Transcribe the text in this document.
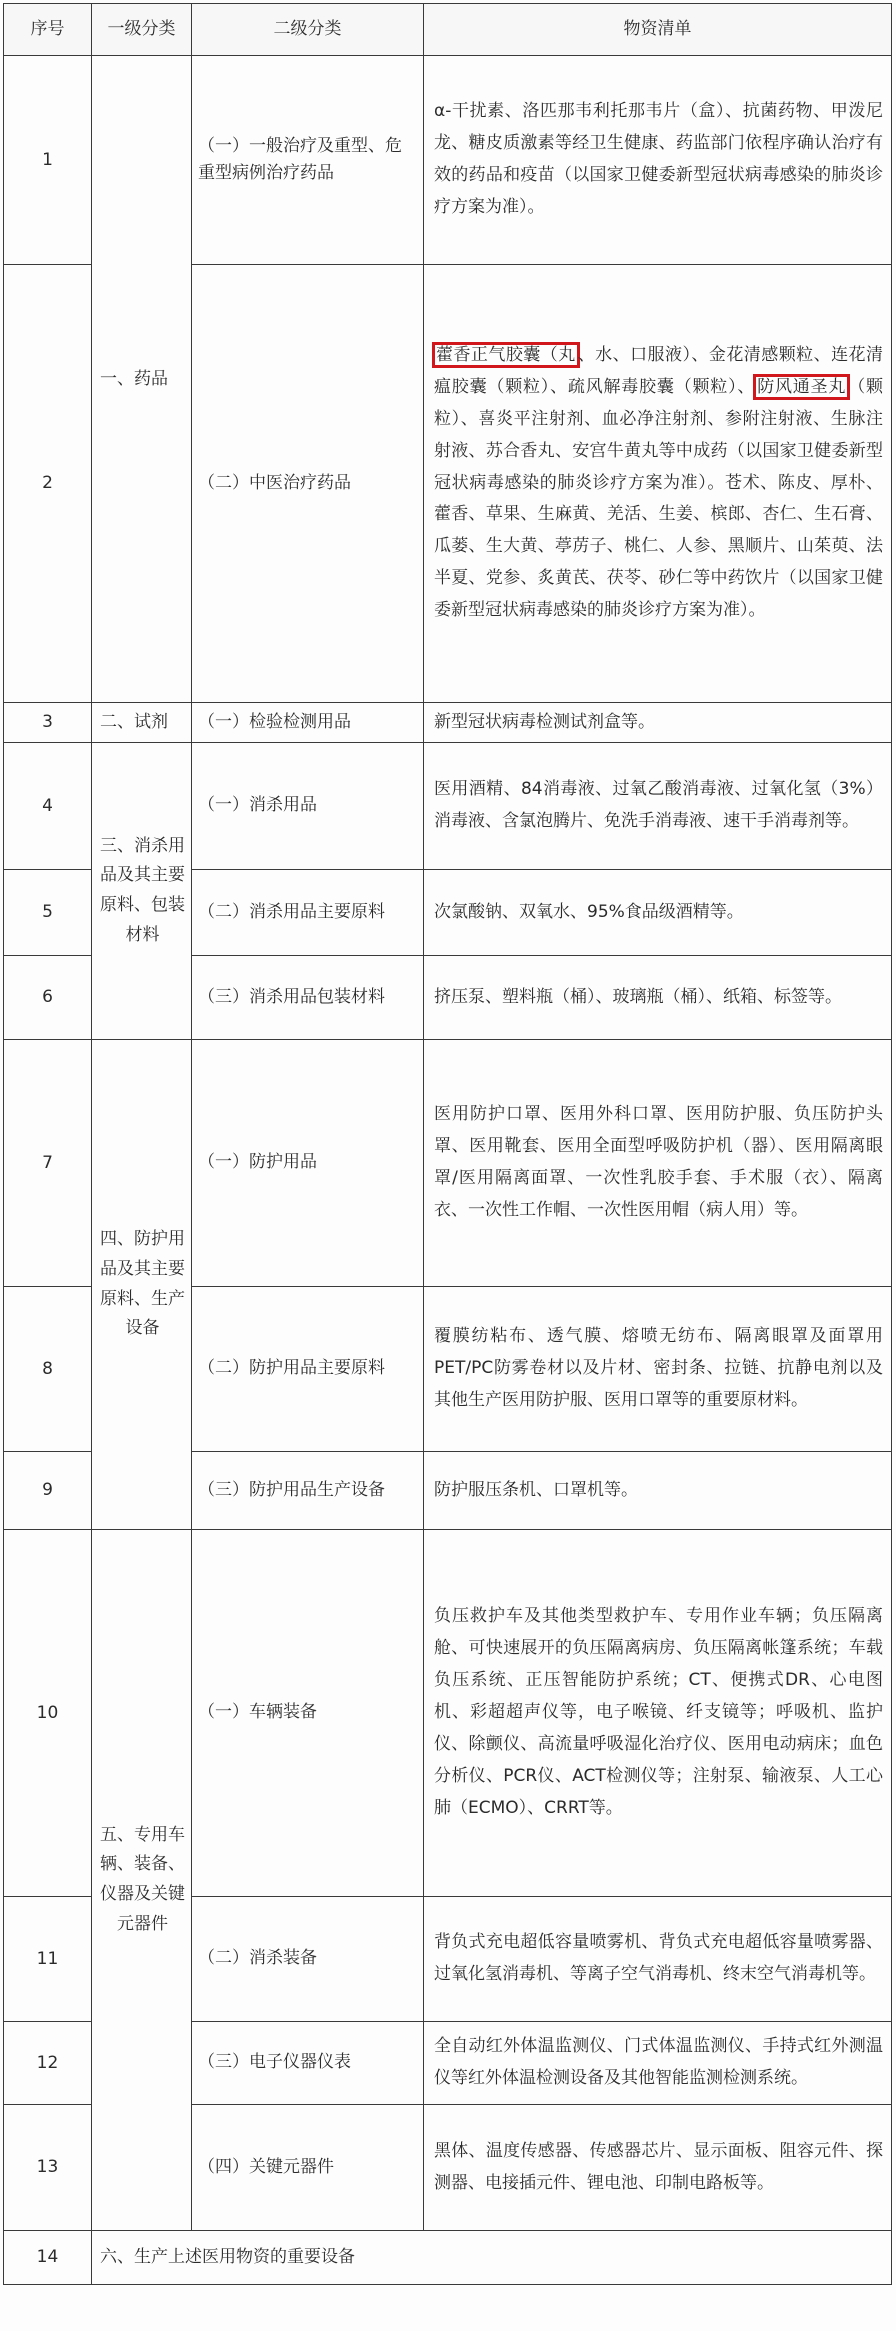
序号	一级分类	二级分类	物资清单
1	一、药品	（一）一般治疗及重型、危重型病例治疗药品	α-干扰素、洛匹那韦利托那韦片（盒）、抗菌药物、甲泼尼龙、糖皮质激素等经卫生健康、药监部门依程序确认治疗有效的药品和疫苗（以国家卫健委新型冠状病毒感染的肺炎诊疗方案为准）。
2		（二）中医治疗药品	藿香正气胶囊（丸 、水、口服液）、金花清感颗粒、连花清瘟胶囊（颗粒）、疏风解毒胶囊（颗粒）、 防风通圣丸 （颗粒）、喜炎平注射剂、血必净注射剂、参附注射液、生脉注射液、苏合香丸、安宫牛黄丸等中成药（以国家卫健委新型冠状病毒感染的肺炎诊疗方案为准）。苍术、陈皮、厚朴、藿香、草果、生麻黄、羌活、生姜、槟郎、杏仁、生石膏、瓜蒌、生大黄、葶苈子、桃仁、人参、黑顺片、山茱萸、法半夏、党参、炙黄芪、茯苓、砂仁等中药饮片（以国家卫健委新型冠状病毒感染的肺炎诊疗方案为准）。
3	二、试剂	（一）检验检测用品	新型冠状病毒检测试剂盒等。
4	三、消杀用品及其主要原料、包装材料	（一）消杀用品	医用酒精、84消毒液、过氧乙酸消毒液、过氧化氢（3%）消毒液、含氯泡腾片、免洗手消毒液、速干手消毒剂等。
5		（二）消杀用品主要原料	次氯酸钠、双氧水、95%食品级酒精等。
6		（三）消杀用品包装材料	挤压泵、塑料瓶（桶）、玻璃瓶（桶）、纸箱、标签等。
7	四、防护用品及其主要原料、生产设备	（一）防护用品	医用防护口罩、医用外科口罩、医用防护服、负压防护头罩、医用靴套、医用全面型呼吸防护机（器）、医用隔离眼罩/医用隔离面罩、一次性乳胶手套、手术服（衣）、隔离衣、一次性工作帽、一次性医用帽（病人用）等。
8		（二）防护用品主要原料	覆膜纺粘布、透气膜、熔喷无纺布、隔离眼罩及面罩用PET/PC防雾卷材以及片材、密封条、拉链、抗静电剂以及其他生产医用防护服、医用口罩等的重要原材料。
9		（三）防护用品生产设备	防护服压条机、口罩机等。
10	五、专用车辆、装备、仪器及关键元器件	（一）车辆装备	负压救护车及其他类型救护车、专用作业车辆；负压隔离舱、可快速展开的负压隔离病房、负压隔离帐篷系统；车载负压系统、正压智能防护系统；CT、便携式DR、心电图机、彩超超声仪等，电子喉镜、纤支镜等；呼吸机、监护仪、除颤仪、高流量呼吸湿化治疗仪、医用电动病床；血色分析仪、PCR仪、ACT检测仪等；注射泵、输液泵、人工心肺（ECMO）、CRRT等。
11		（二）消杀装备	背负式充电超低容量喷雾机、背负式充电超低容量喷雾器、过氧化氢消毒机、等离子空气消毒机、终末空气消毒机等。
12		（三）电子仪器仪表	全自动红外体温监测仪、门式体温监测仪、手持式红外测温仪等红外体温检测设备及其他智能监测检测系统。
13		（四）关键元器件	黑体、温度传感器、传感器芯片、显示面板、阻容元件、探测器、电接插元件、锂电池、印制电路板等。
14	六、生产上述医用物资的重要设备		
